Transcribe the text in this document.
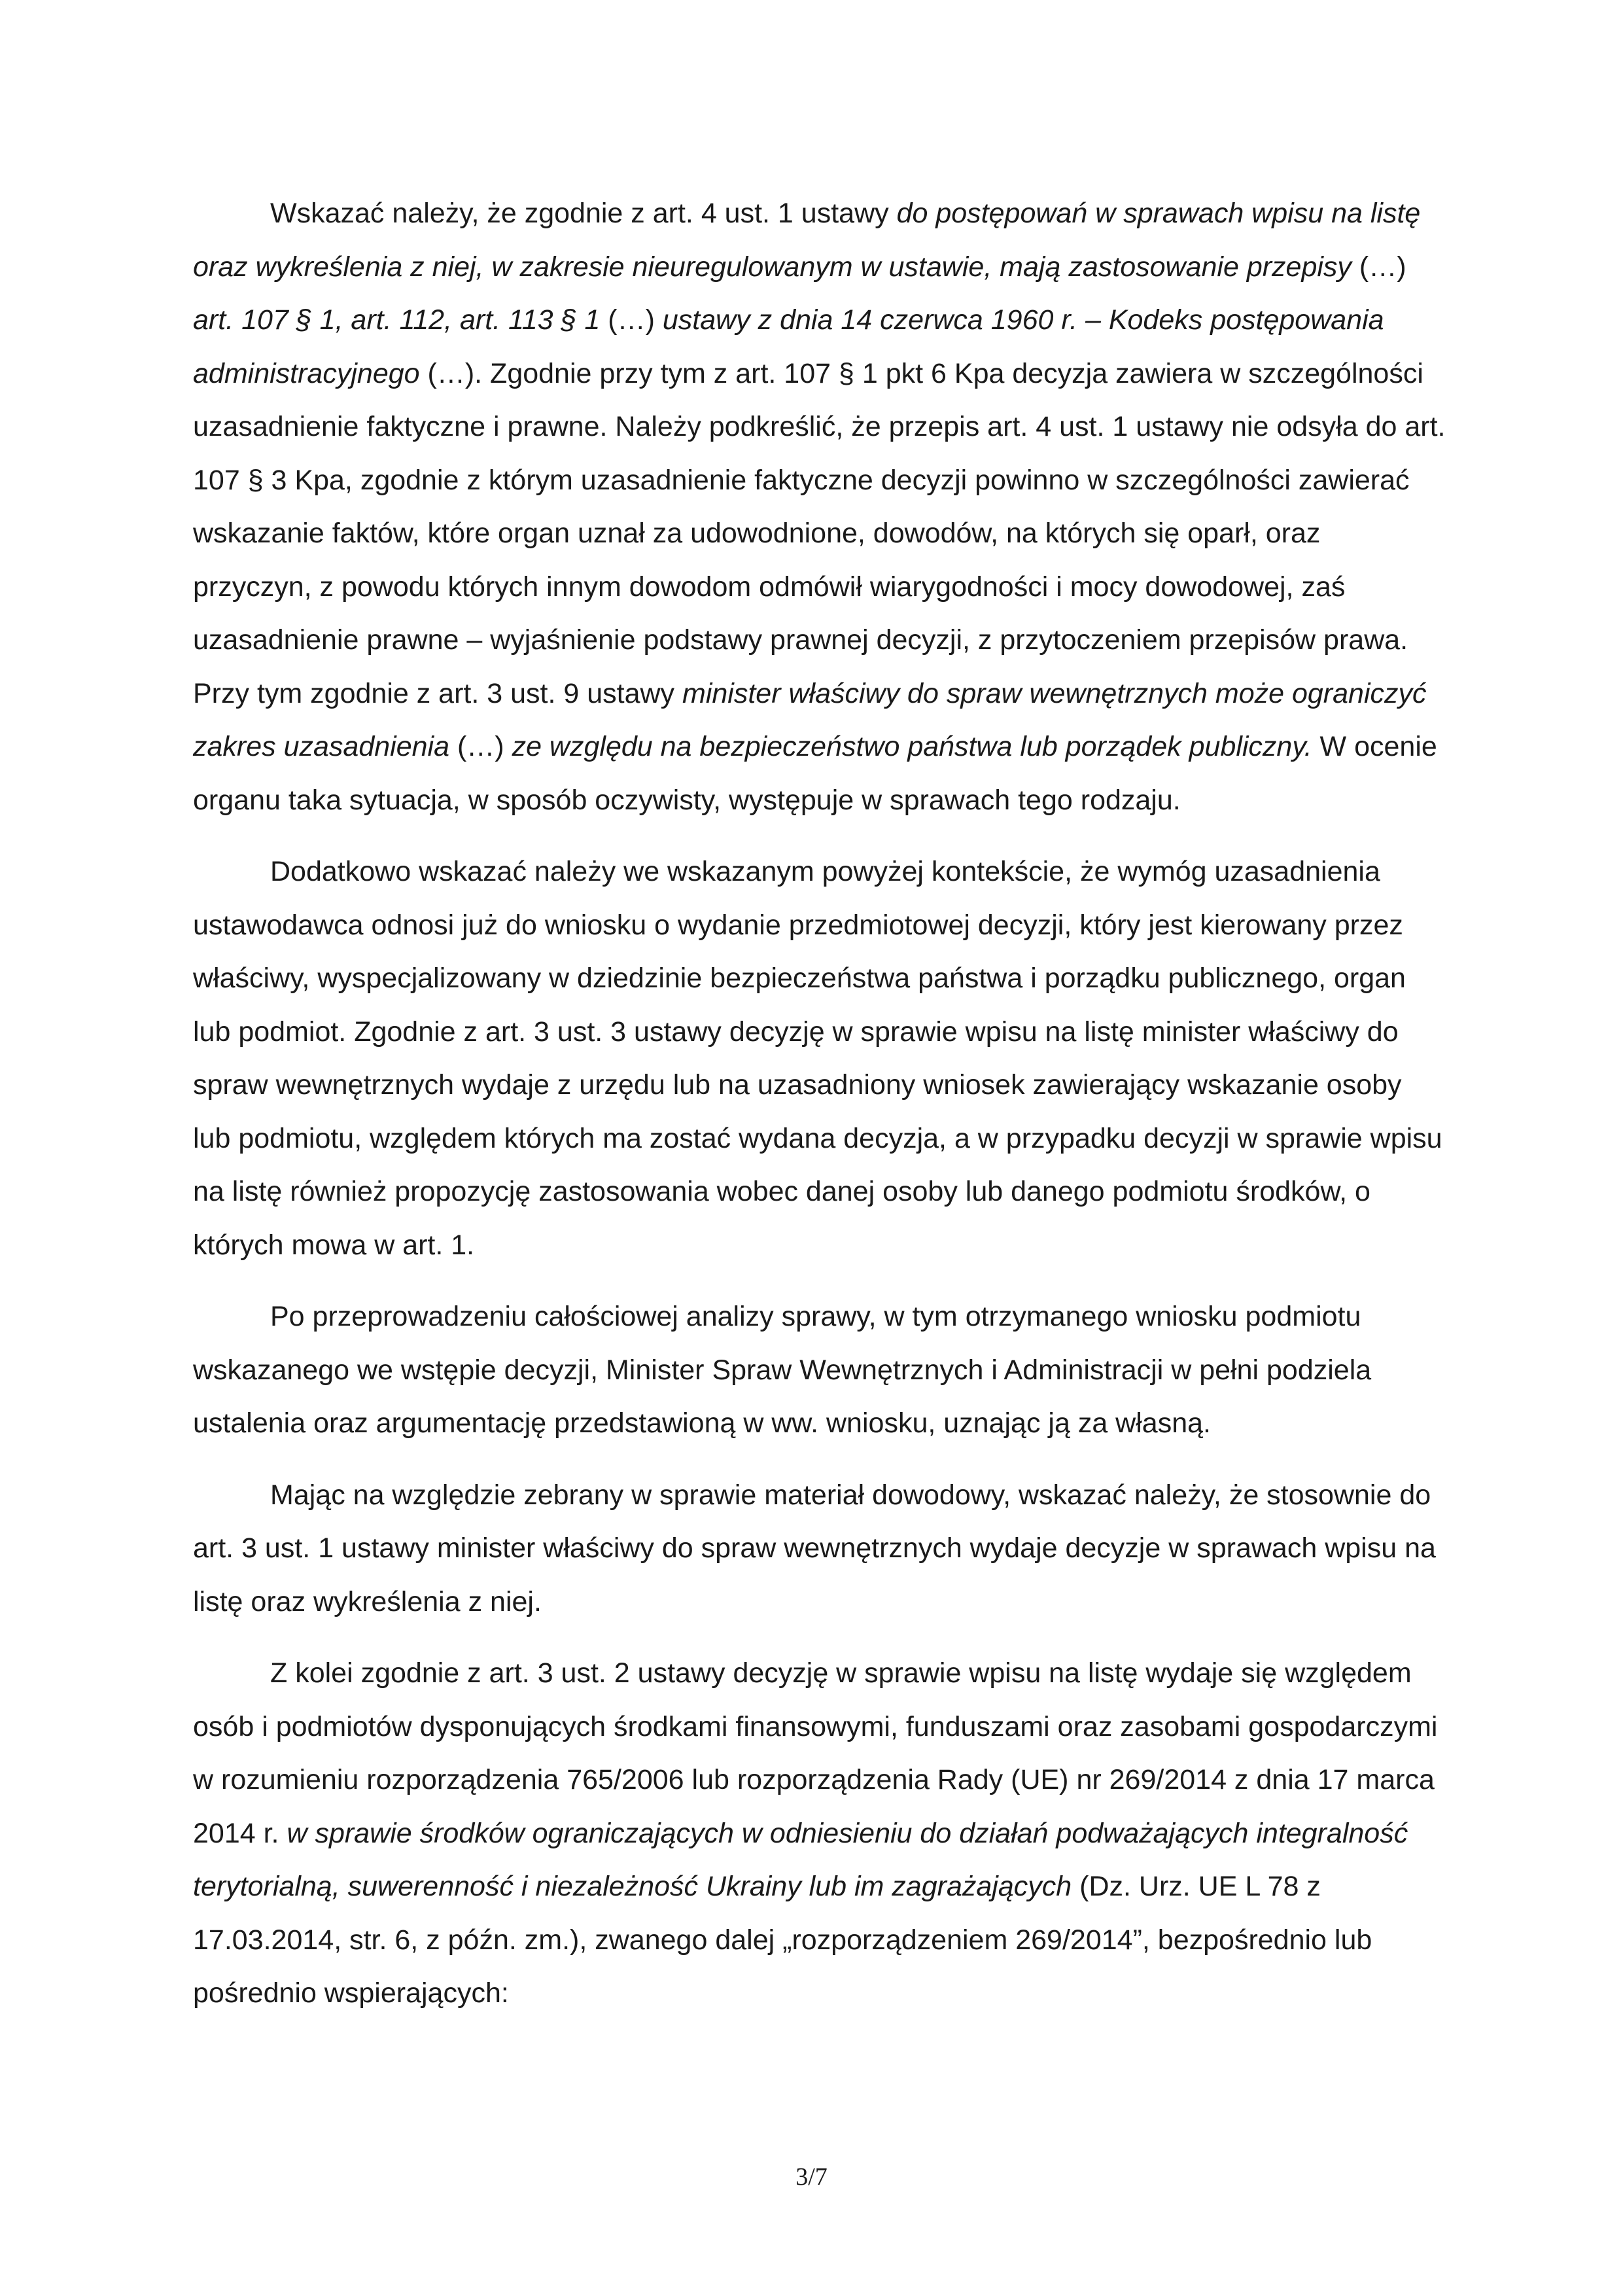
Wskazać należy, że zgodnie z art. 4 ust. 1 ustawy do postępowań w sprawach wpisu na listę oraz wykreślenia z niej, w zakresie nieuregulowanym w ustawie, mają zastosowanie przepisy (…) art. 107 § 1, art. 112, art. 113 § 1 (…) ustawy z dnia 14 czerwca 1960 r. – Kodeks postępowania administracyjnego (…). Zgodnie przy tym z art. 107 § 1 pkt 6 Kpa decyzja zawiera w szczególności uzasadnienie faktyczne i prawne. Należy podkreślić, że przepis art. 4 ust. 1 ustawy nie odsyła do art. 107 § 3 Kpa, zgodnie z którym uzasadnienie faktyczne decyzji powinno w szczególności zawierać wskazanie faktów, które organ uznał za udowodnione, dowodów, na których się oparł, oraz przyczyn, z powodu których innym dowodom odmówił wiarygodności i mocy dowodowej, zaś uzasadnienie prawne – wyjaśnienie podstawy prawnej decyzji, z przytoczeniem przepisów prawa. Przy tym zgodnie z art. 3 ust. 9 ustawy minister właściwy do spraw wewnętrznych może ograniczyć zakres uzasadnienia (…) ze względu na bezpieczeństwo państwa lub porządek publiczny. W ocenie organu taka sytuacja, w sposób oczywisty, występuje w sprawach tego rodzaju.

Dodatkowo wskazać należy we wskazanym powyżej kontekście, że wymóg uzasadnienia ustawodawca odnosi już do wniosku o wydanie przedmiotowej decyzji, który jest kierowany przez właściwy, wyspecjalizowany w dziedzinie bezpieczeństwa państwa i porządku publicznego, organ lub podmiot. Zgodnie z art. 3 ust. 3 ustawy decyzję w sprawie wpisu na listę minister właściwy do spraw wewnętrznych wydaje z urzędu lub na uzasadniony wniosek zawierający wskazanie osoby lub podmiotu, względem których ma zostać wydana decyzja, a w przypadku decyzji w sprawie wpisu na listę również propozycję zastosowania wobec danej osoby lub danego podmiotu środków, o których mowa w art. 1.

Po przeprowadzeniu całościowej analizy sprawy, w tym otrzymanego wniosku podmiotu wskazanego we wstępie decyzji, Minister Spraw Wewnętrznych i Administracji w pełni podziela ustalenia oraz argumentację przedstawioną w ww. wniosku, uznając ją za własną.

Mając na względzie zebrany w sprawie materiał dowodowy, wskazać należy, że stosownie do art. 3 ust. 1 ustawy minister właściwy do spraw wewnętrznych wydaje decyzje w sprawach wpisu na listę oraz wykreślenia z niej.

Z kolei zgodnie z art. 3 ust. 2 ustawy decyzję w sprawie wpisu na listę wydaje się względem osób i podmiotów dysponujących środkami finansowymi, funduszami oraz zasobami gospodarczymi w rozumieniu rozporządzenia 765/2006 lub rozporządzenia Rady (UE) nr 269/2014 z dnia 17 marca 2014 r. w sprawie środków ograniczających w odniesieniu do działań podważających integralność terytorialną, suwerenność i niezależność Ukrainy lub im zagrażających (Dz. Urz. UE L 78 z 17.03.2014, str. 6, z późn. zm.), zwanego dalej „rozporządzeniem 269/2014”, bezpośrednio lub pośrednio wspierających:

3/7
